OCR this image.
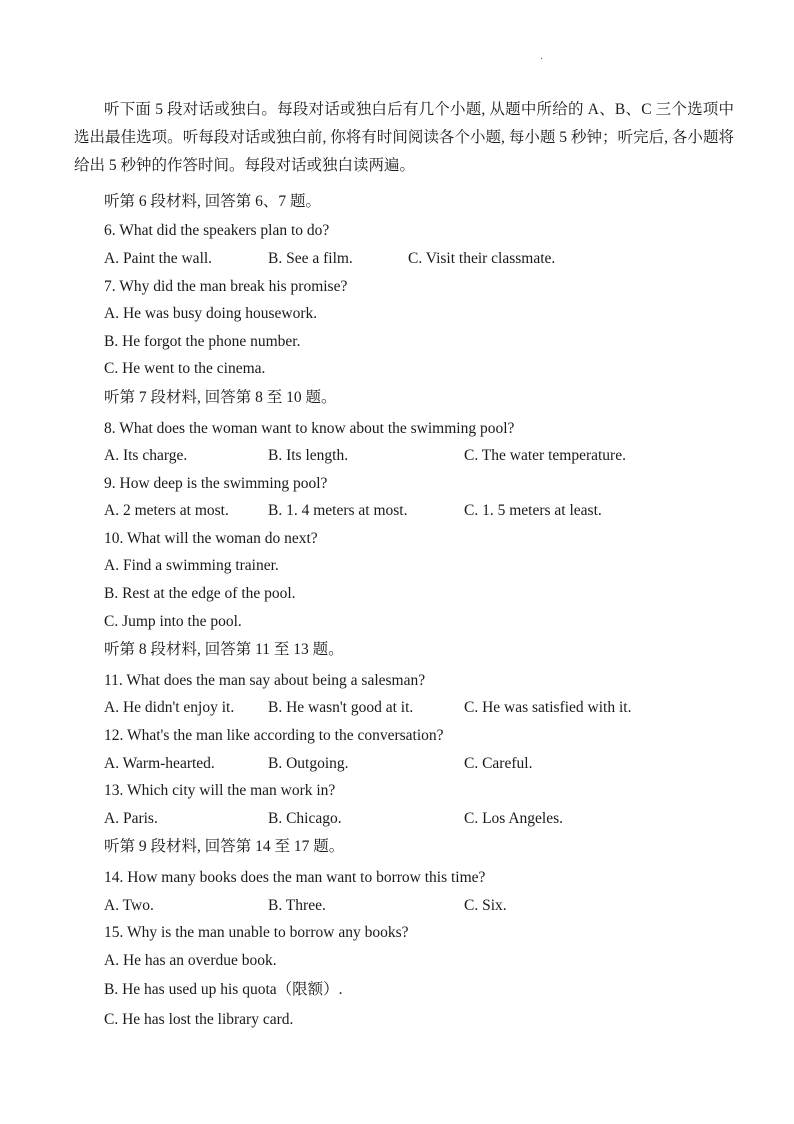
·
听下面 5 段对话或独白。每段对话或独白后有几个小题, 从题中所给的 A、B、C 三个选项中选出最佳选项。听每段对话或独白前, 你将有时间阅读各个小题, 每小题 5 秒钟；听完后, 各小题将给出 5 秒钟的作答时间。每段对话或独白读两遍。
听第 6 段材料, 回答第 6、7 题。
6. What did the speakers plan to do?
A. Paint the wall.	B. See a film.	C. Visit their classmate.
7. Why did the man break his promise?
A. He was busy doing housework.
B. He forgot the phone number.
C. He went to the cinema.
听第 7 段材料, 回答第 8 至 10 题。
8. What does the woman want to know about the swimming pool?
A. Its charge.	B. Its length.	C. The water temperature.
9. How deep is the swimming pool?
A. 2 meters at most.	B. 1. 4 meters at most.	C. 1. 5 meters at least.
10. What will the woman do next?
A. Find a swimming trainer.
B. Rest at the edge of the pool.
C. Jump into the pool.
听第 8 段材料, 回答第 11 至 13 题。
11. What does the man say about being a salesman?
A. He didn't enjoy it. B. He wasn't good at it.	C. He was satisfied with it.
12. What's the man like according to the conversation?
A. Warm-hearted.	B. Outgoing.	C. Careful.
13. Which city will the man work in?
A. Paris.	B. Chicago.	C. Los Angeles.
听第 9 段材料, 回答第 14 至 17 题。
14. How many books does the man want to borrow this time?
A. Two.	B. Three.	C. Six.
15. Why is the man unable to borrow any books?
A. He has an overdue book.
B. He has used up his quota（限额）.
C. He has lost the library card.
